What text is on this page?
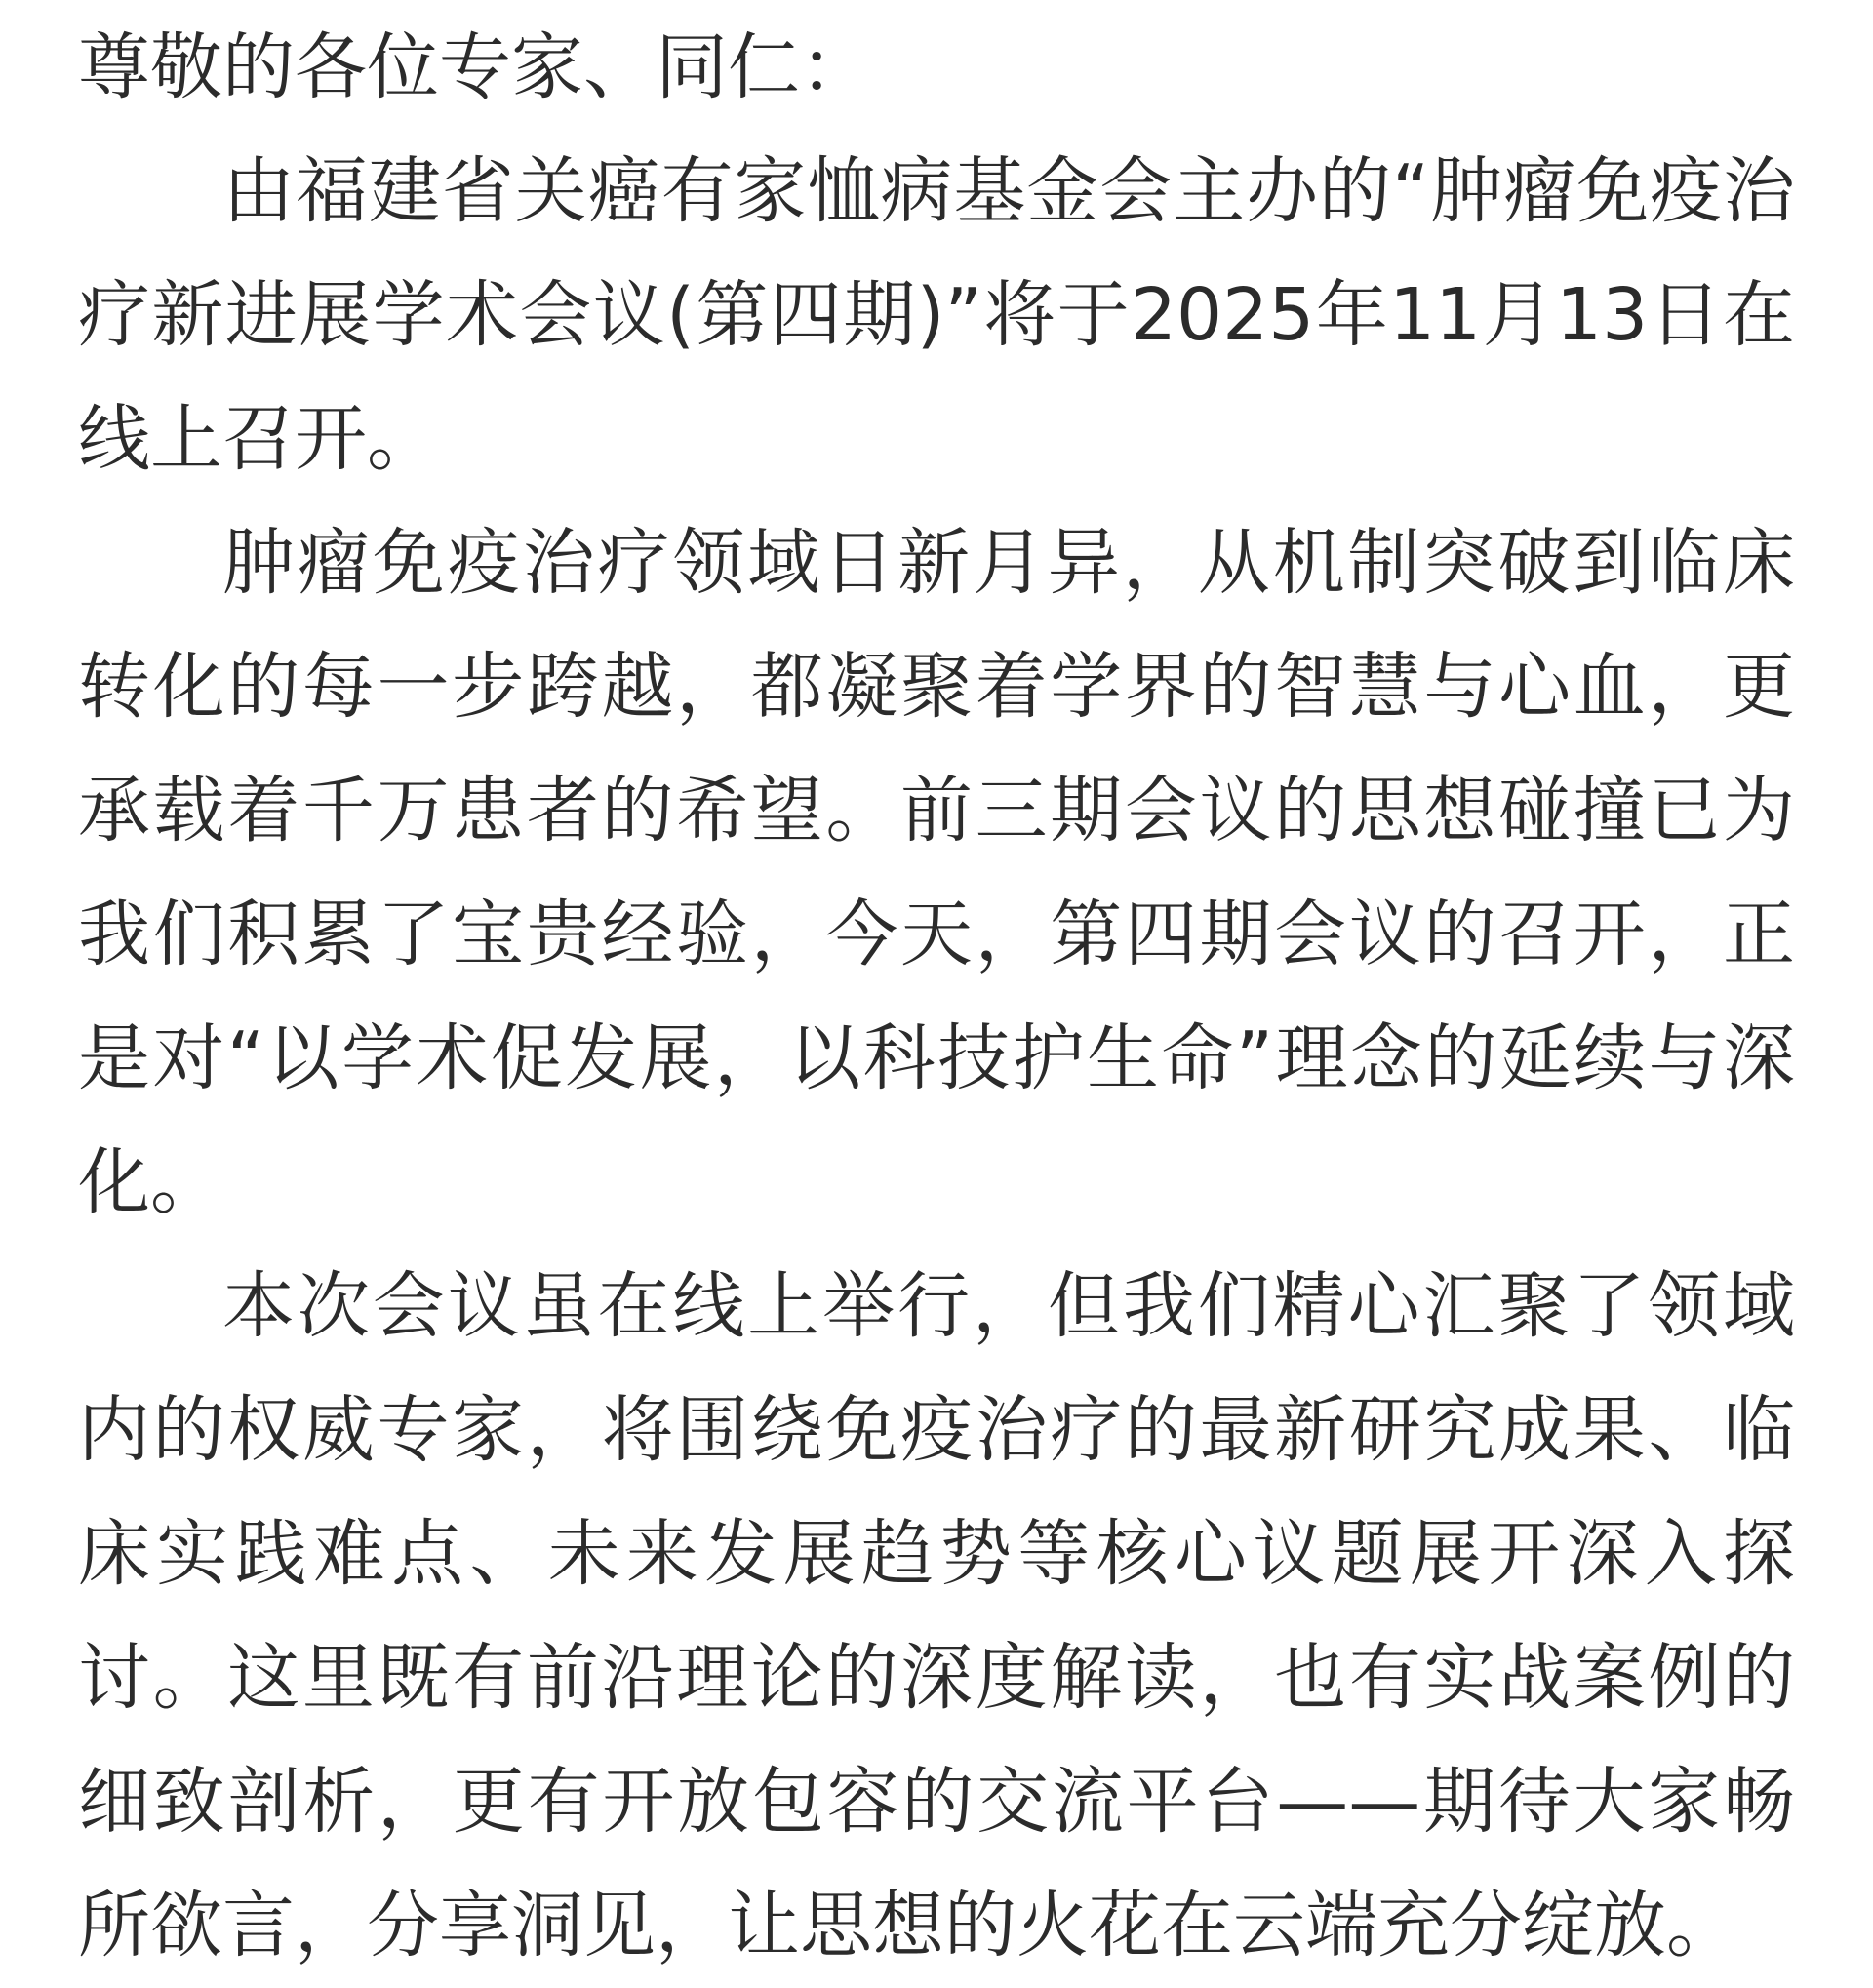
尊敬的各位专家、同仁：

由福建省关癌有家恤病基金会主办的“肿瘤免疫治疗新进展学术会议(第四期)”将于2025年11月13日在线上召开。

肿瘤免疫治疗领域日新月异，从机制突破到临床转化的每一步跨越，都凝聚着学界的智慧与心血，更承载着千万患者的希望。前三期会议的思想碰撞已为我们积累了宝贵经验，今天，第四期会议的召开，正是对“以学术促发展，以科技护生命”理念的延续与深化。

本次会议虽在线上举行，但我们精心汇聚了领域内的权威专家，将围绕免疫治疗的最新研究成果、临床实践难点、未来发展趋势等核心议题展开深入探讨。这里既有前沿理论的深度解读，也有实战案例的细致剖析，更有开放包容的交流平台——期待大家畅所欲言，分享洞见，让思想的火花在云端充分绽放。
